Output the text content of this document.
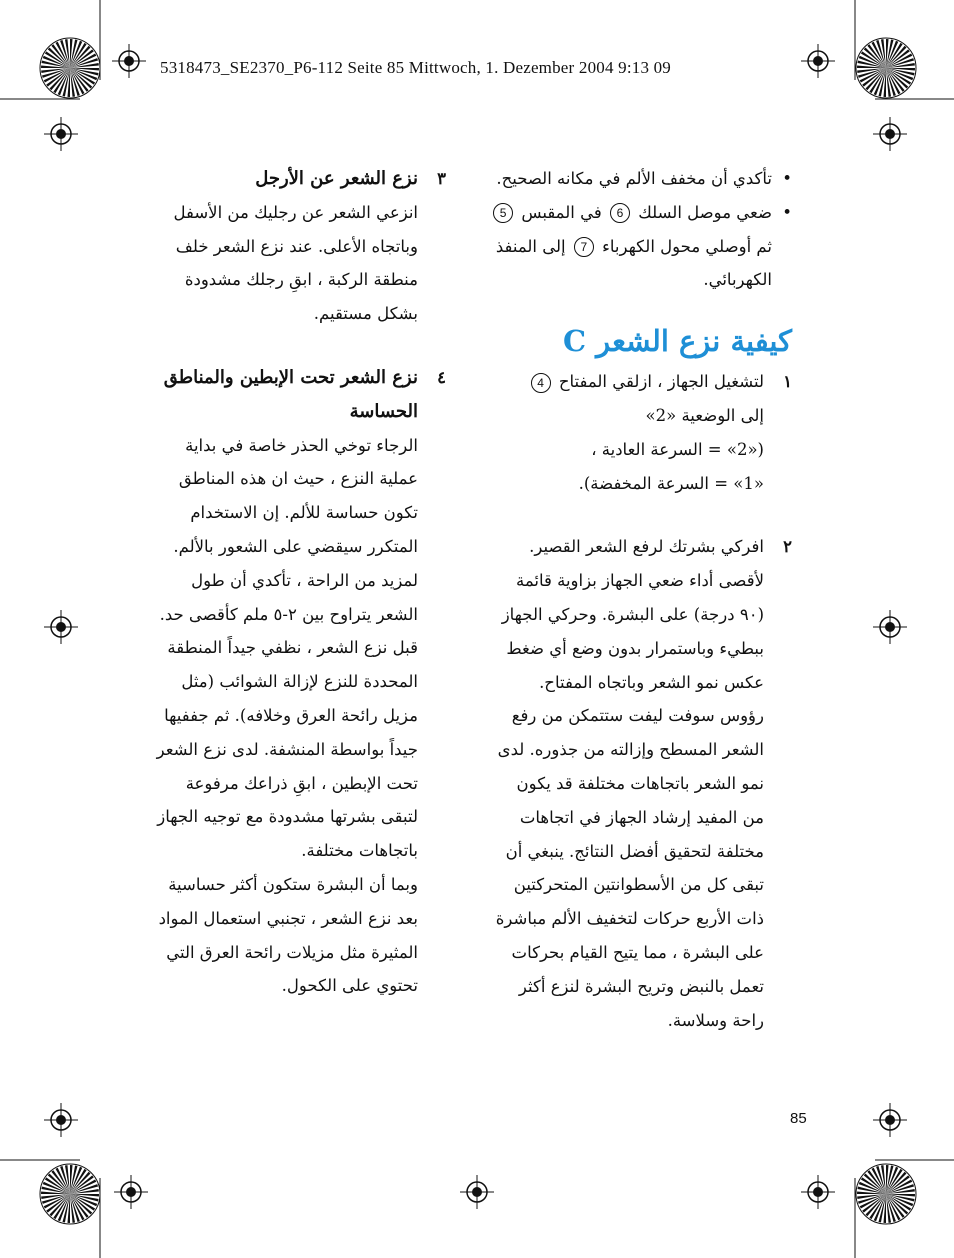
5318473_SE2370_P6-112 Seite 85 Mittwoch, 1. Dezember 2004 9:13 09
•

تأكدي أن مخفف الألم في مكانه الصحيح.

•

ضعي موصل السلك 6 في المقبس 5 ثم أوصلي محول الكهرباء 7 إلى المنفذ الكهربائي.

كيفية نزع الشعر C
١

لتشغيل الجهاز ، ازلقي المفتاح 4

إلى الوضعية «2»

(«2» = السرعة العادية ،

«1» = السرعة المخفضة).

٢

افركي بشرتك لرفع الشعر القصير. لأقصى أداء ضعي الجهاز بزاوية قائمة (٩٠ درجة) على البشرة. وحركي الجهاز ببطيء وباستمرار بدون وضع أي ضغط عكس نمو الشعر وباتجاه المفتاح. رؤوس سوفت ليفت ستتمكن من رفع الشعر المسطح وإزالته من جذوره. لدى نمو الشعر باتجاهات مختلفة قد يكون من المفيد إرشاد الجهاز في اتجاهات مختلفة لتحقيق أفضل النتائج. ينبغي أن تبقى كل من الأسطوانتين المتحركتين ذات الأربع حركات لتخفيف الألم مباشرة على البشرة ، مما يتيح القيام بحركات تعمل بالنبض وتريح البشرة لنزع أكثر راحة وسلاسة.

٣

نزع الشعر عن الأرجل

انزعي الشعر عن رجليك من الأسفل وباتجاه الأعلى. عند نزع الشعر خلف منطقة الركبة ، ابقِ رجلك مشدودة بشكل مستقيم.

٤

نزع الشعر تحت الإبطين والمناطق الحساسة

الرجاء توخي الحذر خاصة في بداية عملية النزع ، حيث ان هذه المناطق تكون حساسة للألم. إن الاستخدام المتكرر سيقضي على الشعور بالألم. لمزيد من الراحة ، تأكدي أن طول الشعر يتراوح بين ٢-٥ ملم كأقصى حد.

قبل نزع الشعر ، نظفي جيداً المنطقة المحددة للنزع لإزالة الشوائب (مثل مزيل رائحة العرق وخلافه). ثم جففيها جيداً بواسطة المنشفة. لدى نزع الشعر تحت الإبطين ، ابقِ ذراعك مرفوعة لتبقى بشرتها مشدودة مع توجيه الجهاز باتجاهات مختلفة.

وبما أن البشرة ستكون أكثر حساسية بعد نزع الشعر ، تجنبي استعمال المواد المثيرة مثل مزيلات رائحة العرق التي تحتوي على الكحول.

85
